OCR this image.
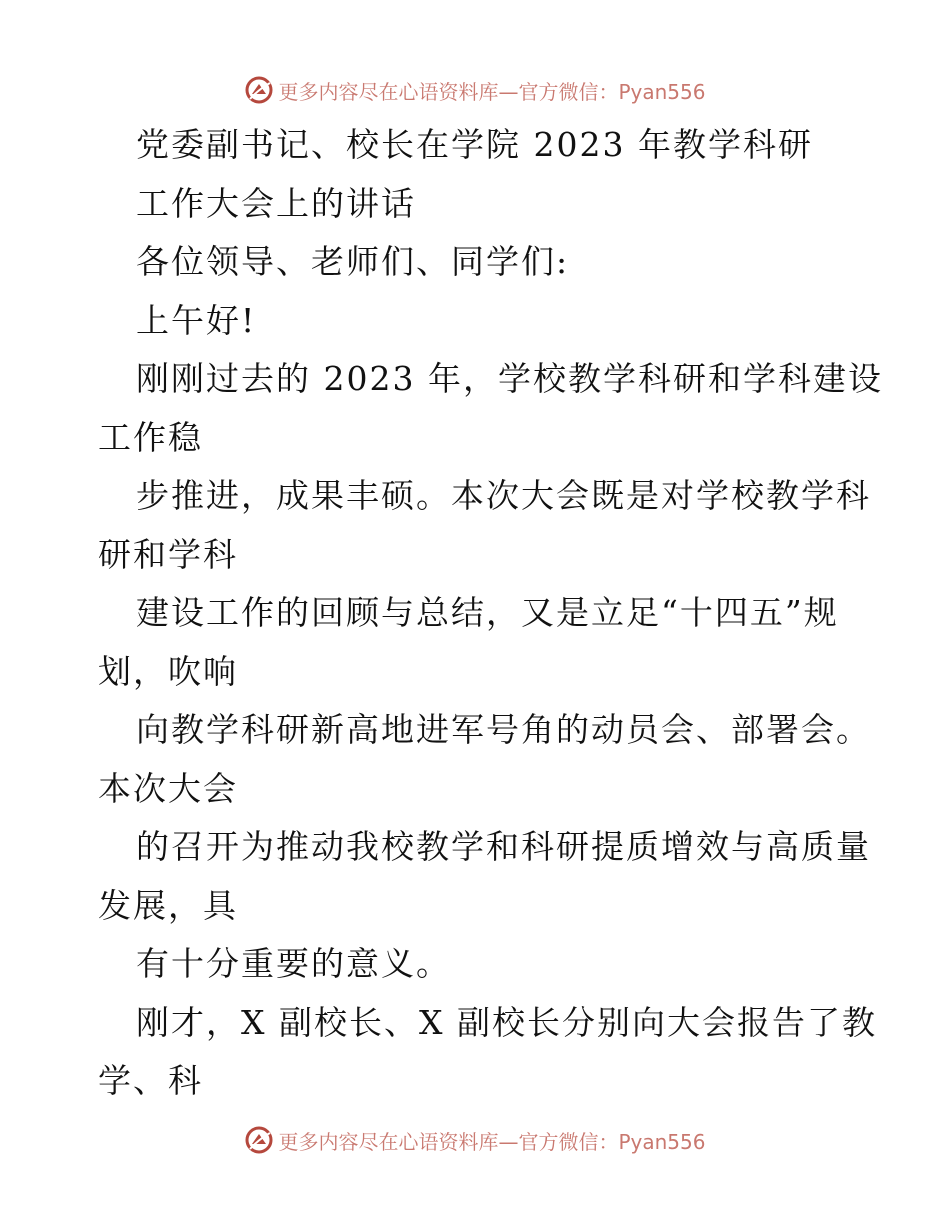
更多内容尽在心语资料库—官方微信：Pyan556
党委副书记、校长在学院 2023 年教学科研
工作大会上的讲话
各位领导、老师们、同学们:
上午好!
刚刚过去的 2023 年，学校教学科研和学科建设
工作稳
步推进，成果丰硕。本次大会既是对学校教学科
研和学科
建设工作的回顾与总结，又是立足“十四五”规
划，吹响
向教学科研新高地进军号角的动员会、部署会。
本次大会
的召开为推动我校教学和科研提质增效与高质量
发展，具
有十分重要的意义。
刚才，X 副校长、X 副校长分别向大会报告了教
学、科
更多内容尽在心语资料库—官方微信：Pyan556
